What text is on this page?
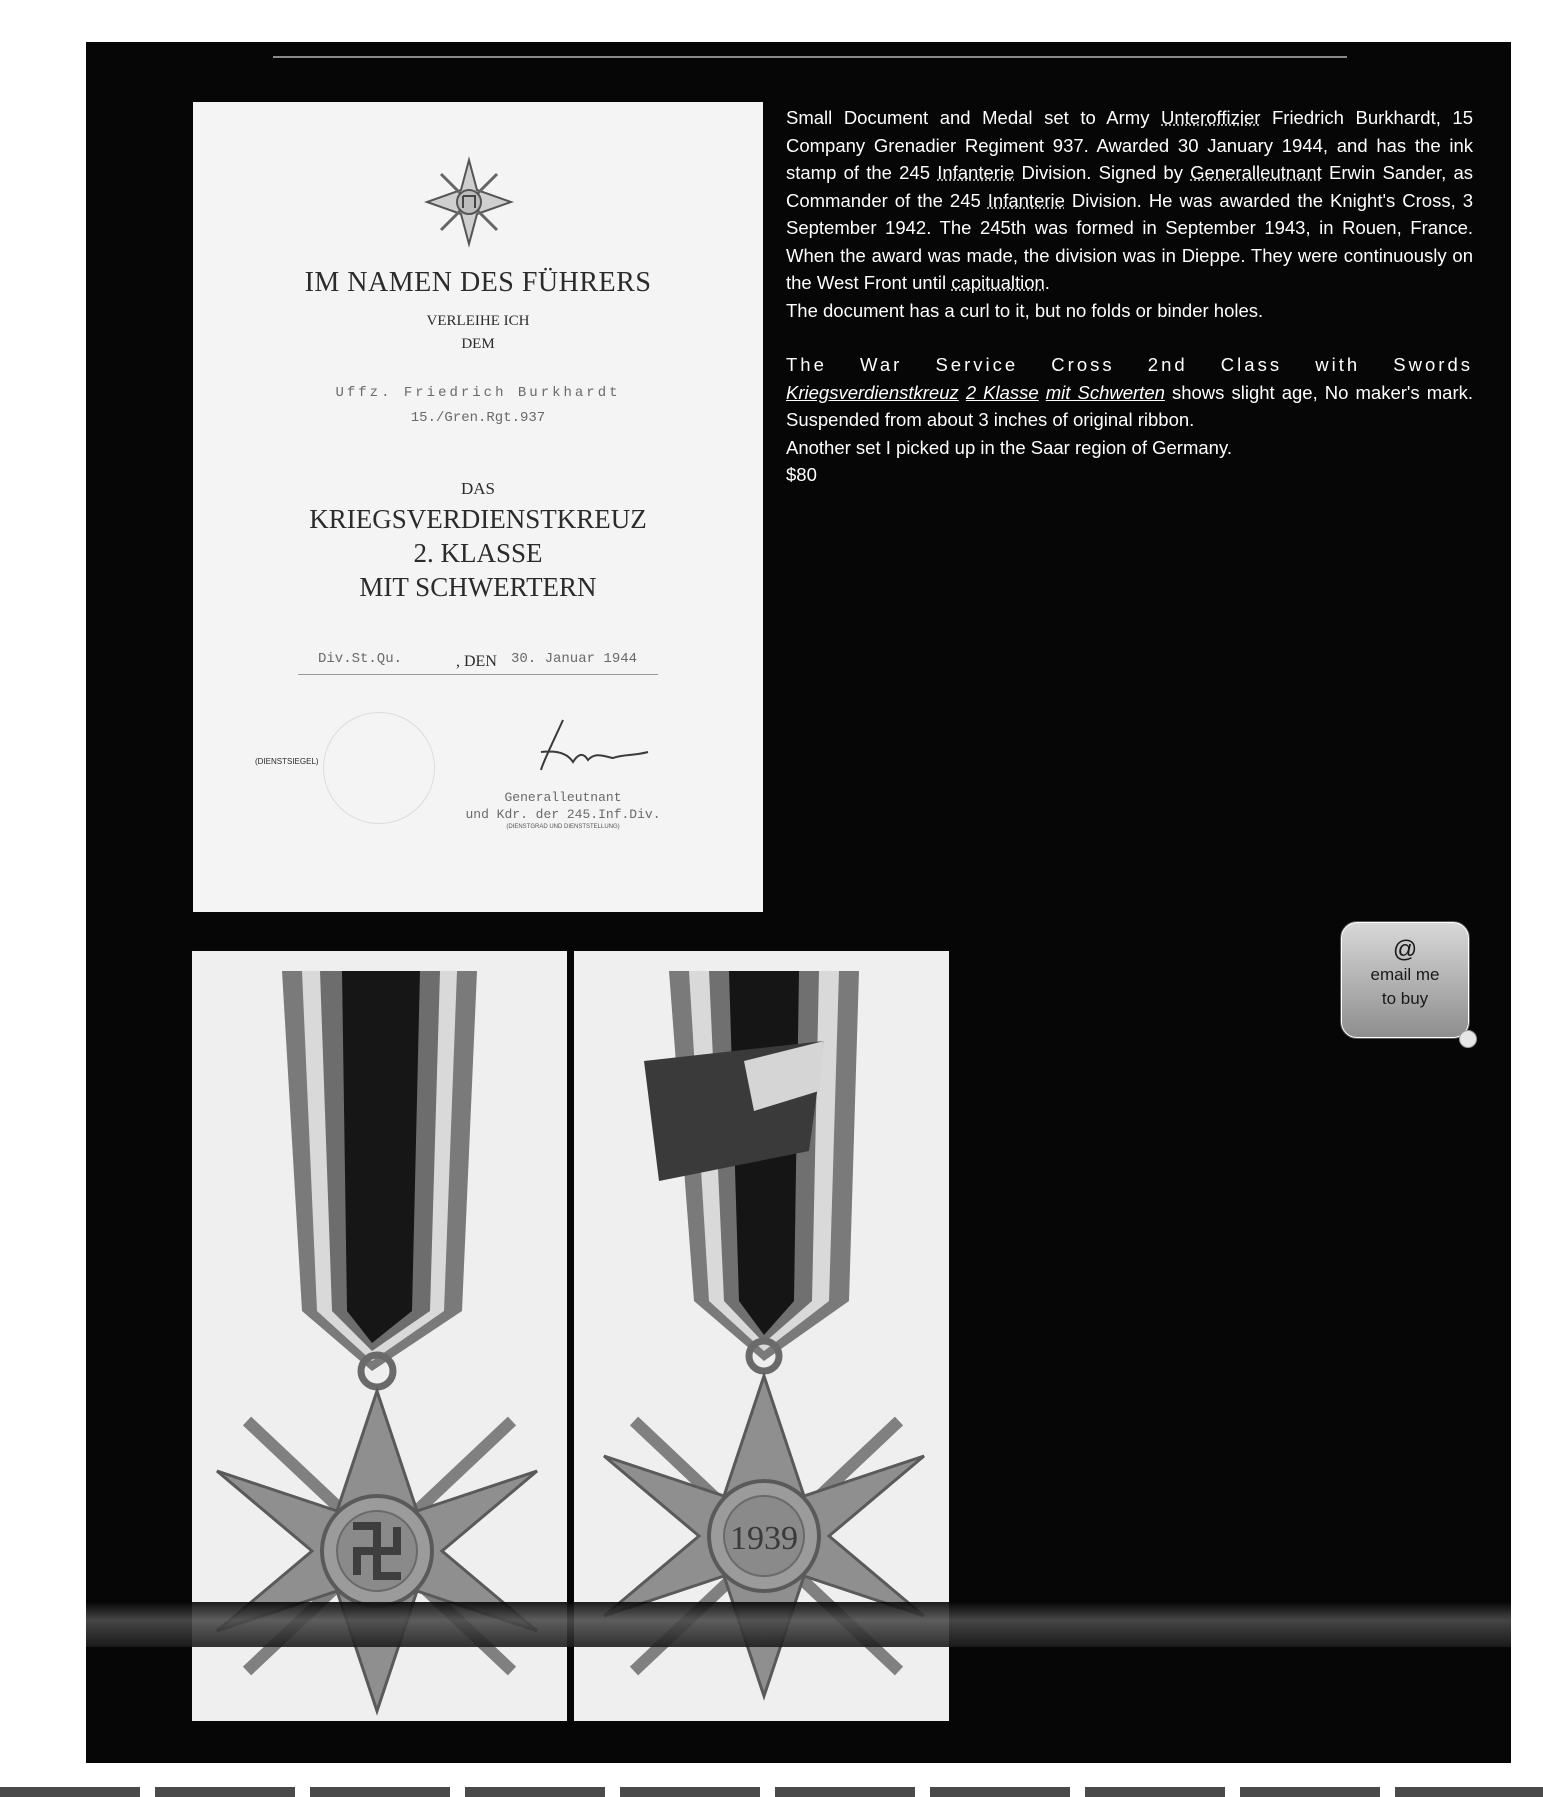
IM NAMEN DES FÜHRERS
VERLEIHE ICH
DEM
Uffz. Friedrich Burkhardt
15./Gren.Rgt.937
DAS
KRIEGSVERDIENSTKREUZ
2. KLASSE
MIT SCHWERTERN
Div.St.Qu.	, DEN 30. Januar 1944
(DIENSTSIEGEL)
Generalleutnant
und Kdr. der 245.Inf.Div.
(DIENSTGRAD UND DIENSTSTELLUNG)

Small Document and Medal set to Army Unteroffizier Friedrich Burkhardt, 15 Company Grenadier Regiment 937. Awarded 30 January 1944, and has the ink stamp of the 245 Infanterie Division. Signed by Generalleutnant Erwin Sander, as Commander of the 245 Infanterie Division. He was awarded the Knight's Cross, 3 September 1942. The 245th was formed in September 1943, in Rouen, France. When the award was made, the division was in Dieppe. They were continuously on the West Front until capitualtion.

The document has a curl to it, but no folds or binder holes.

The War Service Cross 2nd Class with Swords Kriegsverdienstkreuz 2 Klasse mit Schwerten shows slight age, No maker's mark. Suspended from about 3 inches of original ribbon.

Another set I picked up in the Saar region of Germany.

$80

@
email me
to buy
1939
